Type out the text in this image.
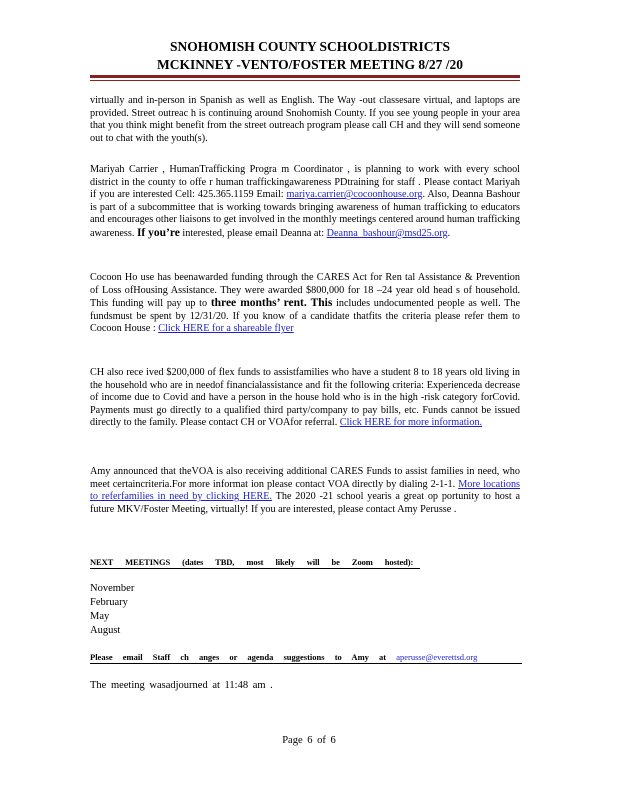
SNOHOMISH COUNTY SCHOOLDISTRICTS
MCKINNEY -VENTO/FOSTER MEETING 8/27 /20
virtually and in-person in Spanish as well as English. The Way -out classesare virtual, and laptops are provided. Street outreac h is continuing around Snohomish County. If you see young people in your area that you think might benefit from the street outreach program please call CH and they will send someone out to chat with the youth(s).
Mariyah Carrier , HumanTrafficking Progra m Coordinator , is planning to work with every school district in the county to offe r human traffickingawareness PDtraining for staff . Please contact Mariyah if you are interested Cell: 425.365.1159 Email: mariya.carrier@cocoonhouse.org. Also, Deanna Bashour is part of a subcommittee that is working towards bringing awareness of human trafficking to educators and encourages other liaisons to get involved in the monthly meetings centered around human trafficking awareness. If you’re interested, please email Deanna at: Deanna_bashour@msd25.org.
Cocoon Ho use has beenawarded funding through the CARES Act for Ren tal Assistance & Prevention of Loss ofHousing Assistance. They were awarded $800,000 for 18 –24 year old head s of household. This funding will pay up to three months’ rent. This includes undocumented people as well. The fundsmust be spent by 12/31/20. If you know of a candidate thatfits the criteria please refer them to Cocoon House : Click HERE for a shareable flyer
CH also rece ived $200,000 of flex funds to assistfamilies who have a student 8 to 18 years old living in the household who are in needof financialassistance and fit the following criteria: Experienceda decrease of income due to Covid and have a person in the house hold who is in the high -risk category forCovid. Payments must go directly to a qualified third party/company to pay bills, etc. Funds cannot be issued directly to the family. Please contact CH or VOAfor referral. Click HERE for more information.
Amy announced that theVOA is also receiving additional CARES Funds to assist families in need, who meet certaincriteria.For more informat ion please contact VOA directly by dialing 2-1-1. More locations to referfamilies in need by clicking HERE. The 2020 -21 school yearis a great op portunity to host a future MKV/Foster Meeting, virtually! If you are interested, please contact Amy Perusse .
NEXT MEETINGS (dates TBD, most likely will be Zoom hosted):
November
February
May
August
Please email Staff ch anges or agenda suggestions to Amy at aperusse@everettsd.org
The meeting wasadjourned at 11:48 am .
Page 6 of 6
